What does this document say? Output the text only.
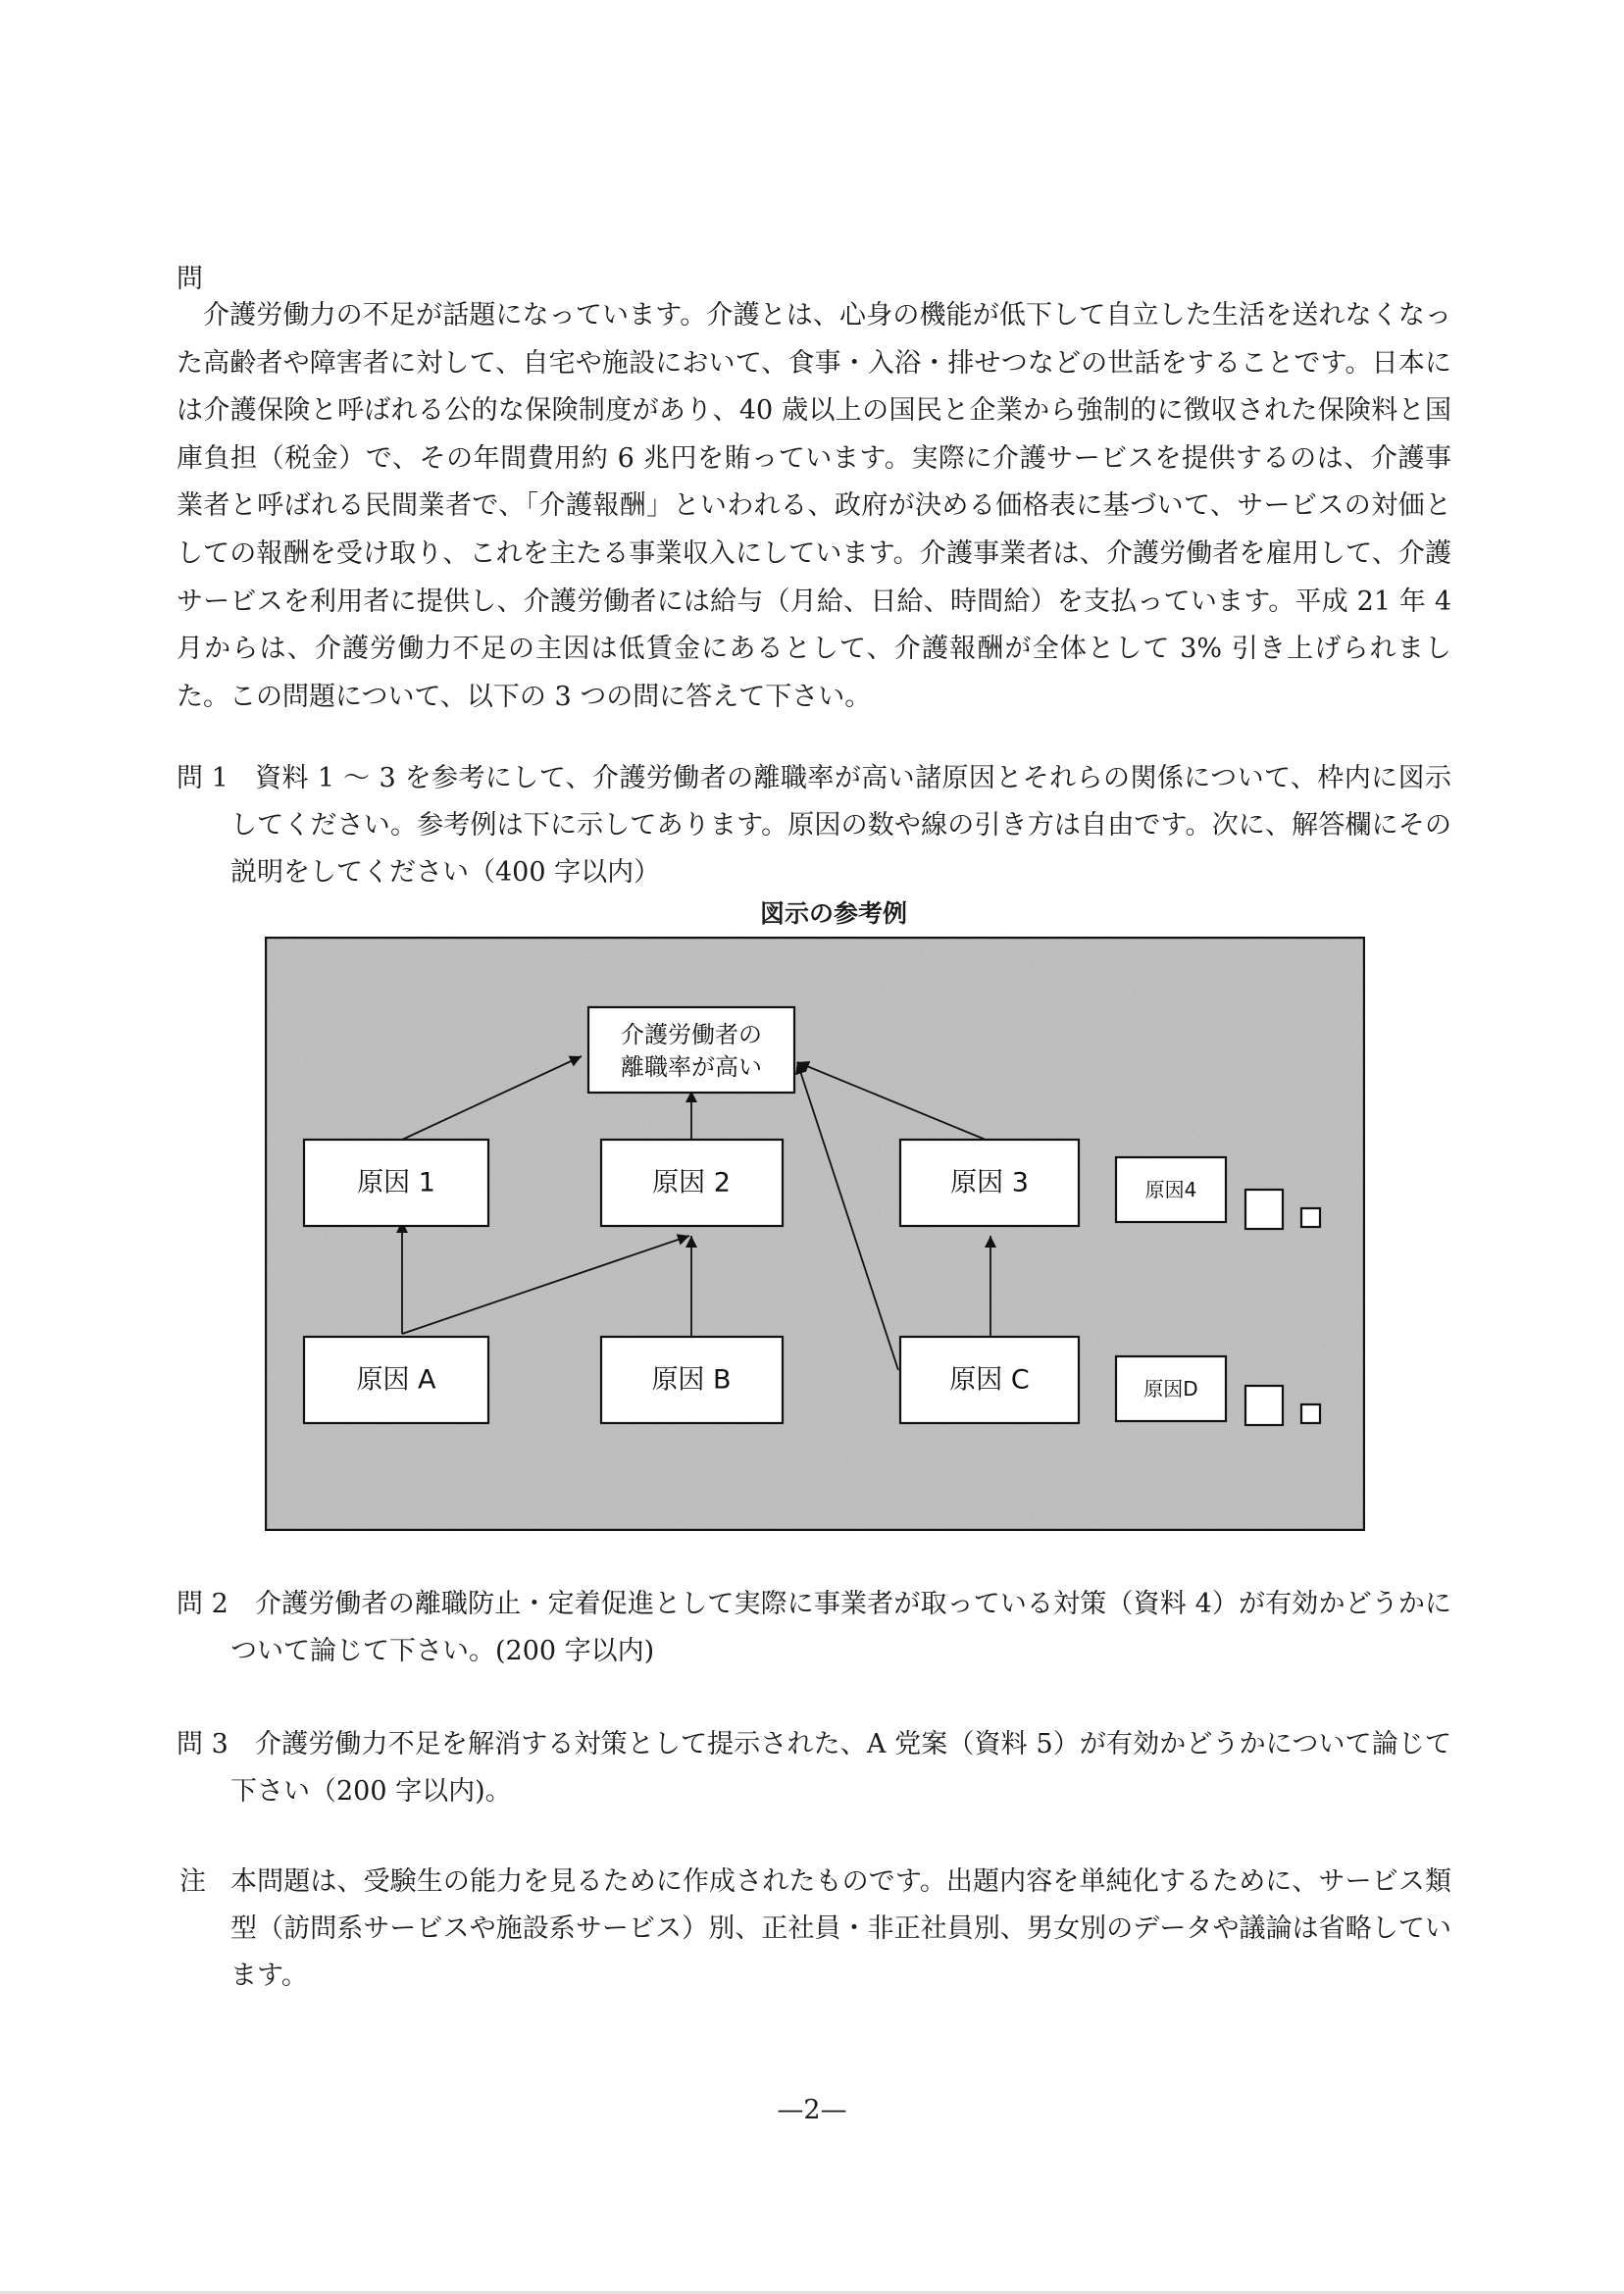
問

介護労働力の不足が話題になっています。介護とは、心身の機能が低下して自立した生活を送れなくなった高齢者や障害者に対して、自宅や施設において、食事・入浴・排せつなどの世話をすることです。日本には介護保険と呼ばれる公的な保険制度があり、40 歳以上の国民と企業から強制的に徴収された保険料と国庫負担（税金）で、その年間費用約 6 兆円を賄っています。実際に介護サービスを提供するのは、介護事業者と呼ばれる民間業者で、「介護報酬」といわれる、政府が決める価格表に基づいて、サービスの対価としての報酬を受け取り、これを主たる事業収入にしています。介護事業者は、介護労働者を雇用して、介護サービスを利用者に提供し、介護労働者には給与（月給、日給、時間給）を支払っています。平成 21 年 4 月からは、介護労働力不足の主因は低賃金にあるとして、介護報酬が全体として 3% 引き上げられました。この問題について、以下の 3 つの問に答えて下さい。

問 1	資料 1 ～ 3 を参考にして、介護労働者の離職率が高い諸原因とそれらの関係について、枠内に図示してください。参考例は下に示してあります。原因の数や線の引き方は自由です。次に、解答欄にその説明をしてください（400 字以内）
図示の参考例
介護労働者の
離職率が高い
原因 1	原因 2	原因 3	原因4
原因 A	原因 B	原因 C	原因D
問 2	介護労働者の離職防止・定着促進として実際に事業者が取っている対策（資料 4）が有効かどうかについて論じて下さい。(200 字以内)
問 3	介護労働力不足を解消する対策として提示された、A 党案（資料 5）が有効かどうかについて論じて下さい（200 字以内)。
注 本問題は、受験生の能力を見るために作成されたものです。出題内容を単純化するために、サービス類型（訪問系サービスや施設系サービス）別、正社員・非正社員別、男女別のデータや議論は省略しています。
—2—
